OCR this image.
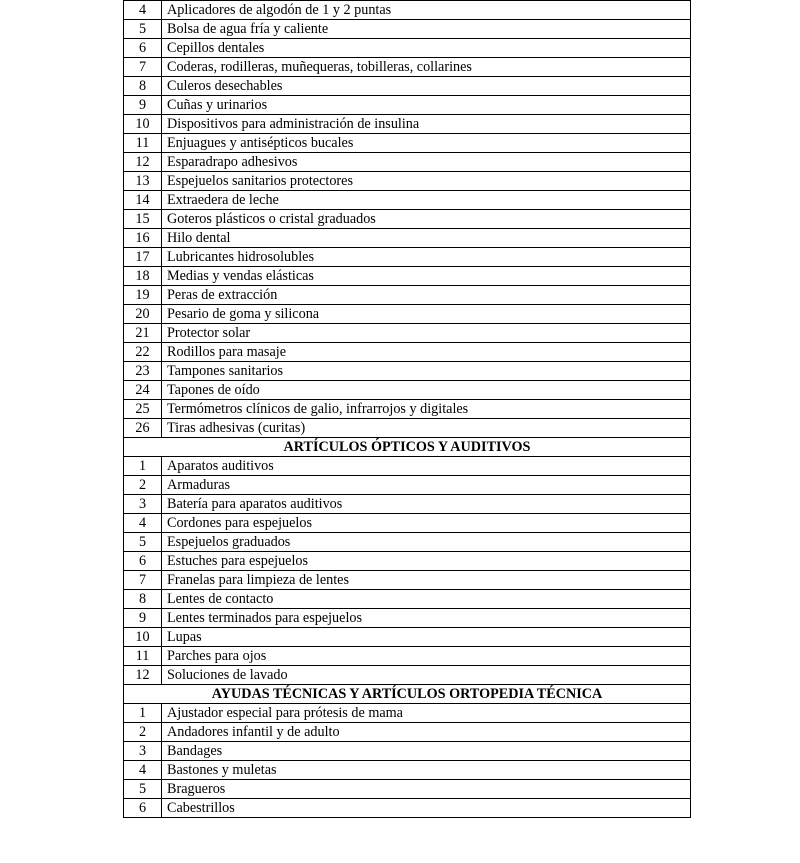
4	Aplicadores de algodón de 1 y 2 puntas
5	Bolsa de agua fría y caliente
6	Cepillos dentales
7	Coderas, rodilleras, muñequeras, tobilleras, collarines
8	Culeros desechables
9	Cuñas y urinarios
10	Dispositivos para administración de insulina
11	Enjuagues y antisépticos bucales
12	Esparadrapo adhesivos
13	Espejuelos sanitarios protectores
14	Extraedera de leche
15	Goteros plásticos o cristal graduados
16	Hilo dental
17	Lubricantes hidrosolubles
18	Medias y vendas elásticas
19	Peras de extracción
20	Pesario de goma y silicona
21	Protector solar
22	Rodillos para masaje
23	Tampones sanitarios
24	Tapones de oído
25	Termómetros clínicos de galio, infrarrojos y digitales
26	Tiras adhesivas (curitas)
ARTÍCULOS ÓPTICOS Y AUDITIVOS	
1	Aparatos auditivos
2	Armaduras
3	Batería para aparatos auditivos
4	Cordones para espejuelos
5	Espejuelos graduados
6	Estuches para espejuelos
7	Franelas para limpieza de lentes
8	Lentes de contacto
9	Lentes terminados para espejuelos
10	Lupas
11	Parches para ojos
12	Soluciones de lavado
AYUDAS TÉCNICAS Y ARTÍCULOS ORTOPEDIA TÉCNICA	
1	Ajustador especial para prótesis de mama
2	Andadores infantil y de adulto
3	Bandages
4	Bastones y muletas
5	Bragueros
6	Cabestrillos
